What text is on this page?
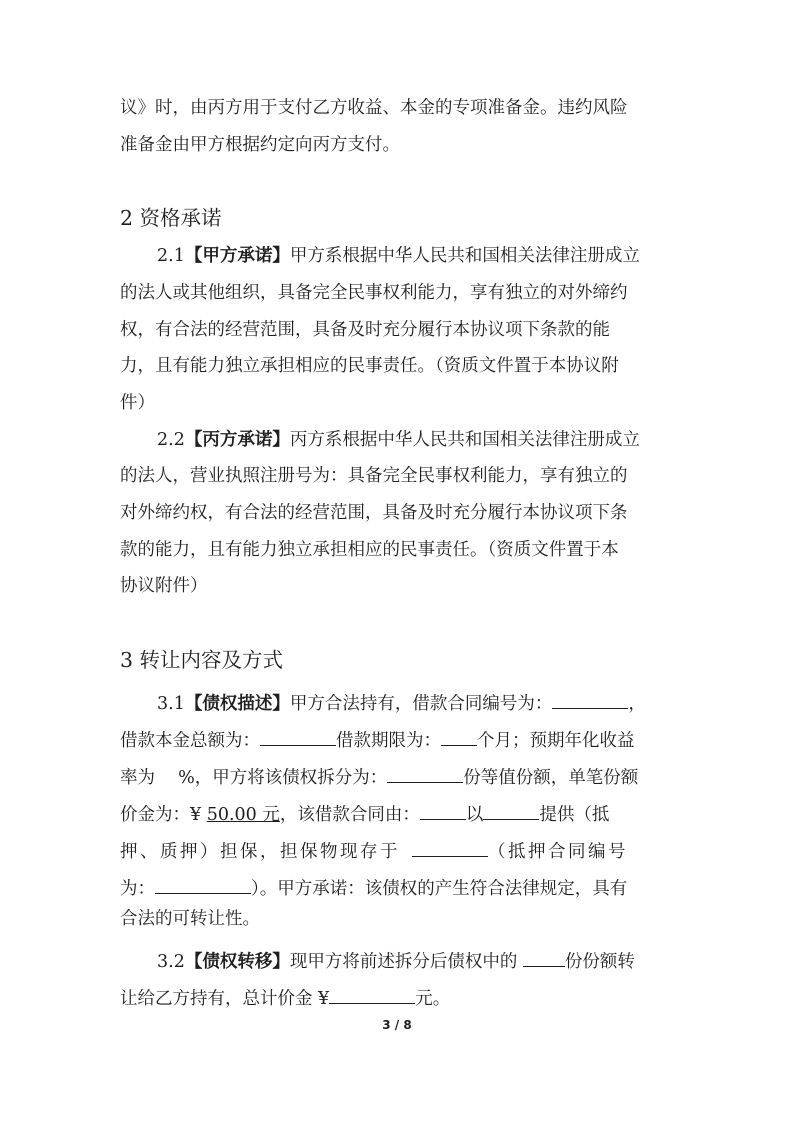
议》时，由丙方用于支付乙方收益、本金的专项准备金。违约风险
准备金由甲方根据约定向丙方支付。
2 资格承诺
2.1【甲方承诺】甲方系根据中华人民共和国相关法律注册成立
的法人或其他组织，具备完全民事权利能力，享有独立的对外缔约
权，有合法的经营范围，具备及时充分履行本协议项下条款的能
力，且有能力独立承担相应的民事责任。（资质文件置于本协议附
件）
2.2【丙方承诺】丙方系根据中华人民共和国相关法律注册成立
的法人，营业执照注册号为：具备完全民事权利能力，享有独立的
对外缔约权，有合法的经营范围，具备及时充分履行本协议项下条
款的能力，且有能力独立承担相应的民事责任。（资质文件置于本
协议附件）
3 转让内容及方式
3.1【债权描述】甲方合法持有，借款合同编号为：	，
借款本金总额为：	借款期限为： 个月；预期年化收益
率为　 %，甲方将该债权拆分为：	份等值份额，单笔份额
价金为：¥ 50.00 元，该借款合同由：	以	提供（抵
押、质押）担保，担保物现存于	（抵押合同编号
为：	）。甲方承诺：该债权的产生符合法律规定，具有
合法的可转让性。
3.2【债权转移】现甲方将前述拆分后债权中的 份份额转
让给乙方持有，总计价金 ¥	元。
3 / 8
